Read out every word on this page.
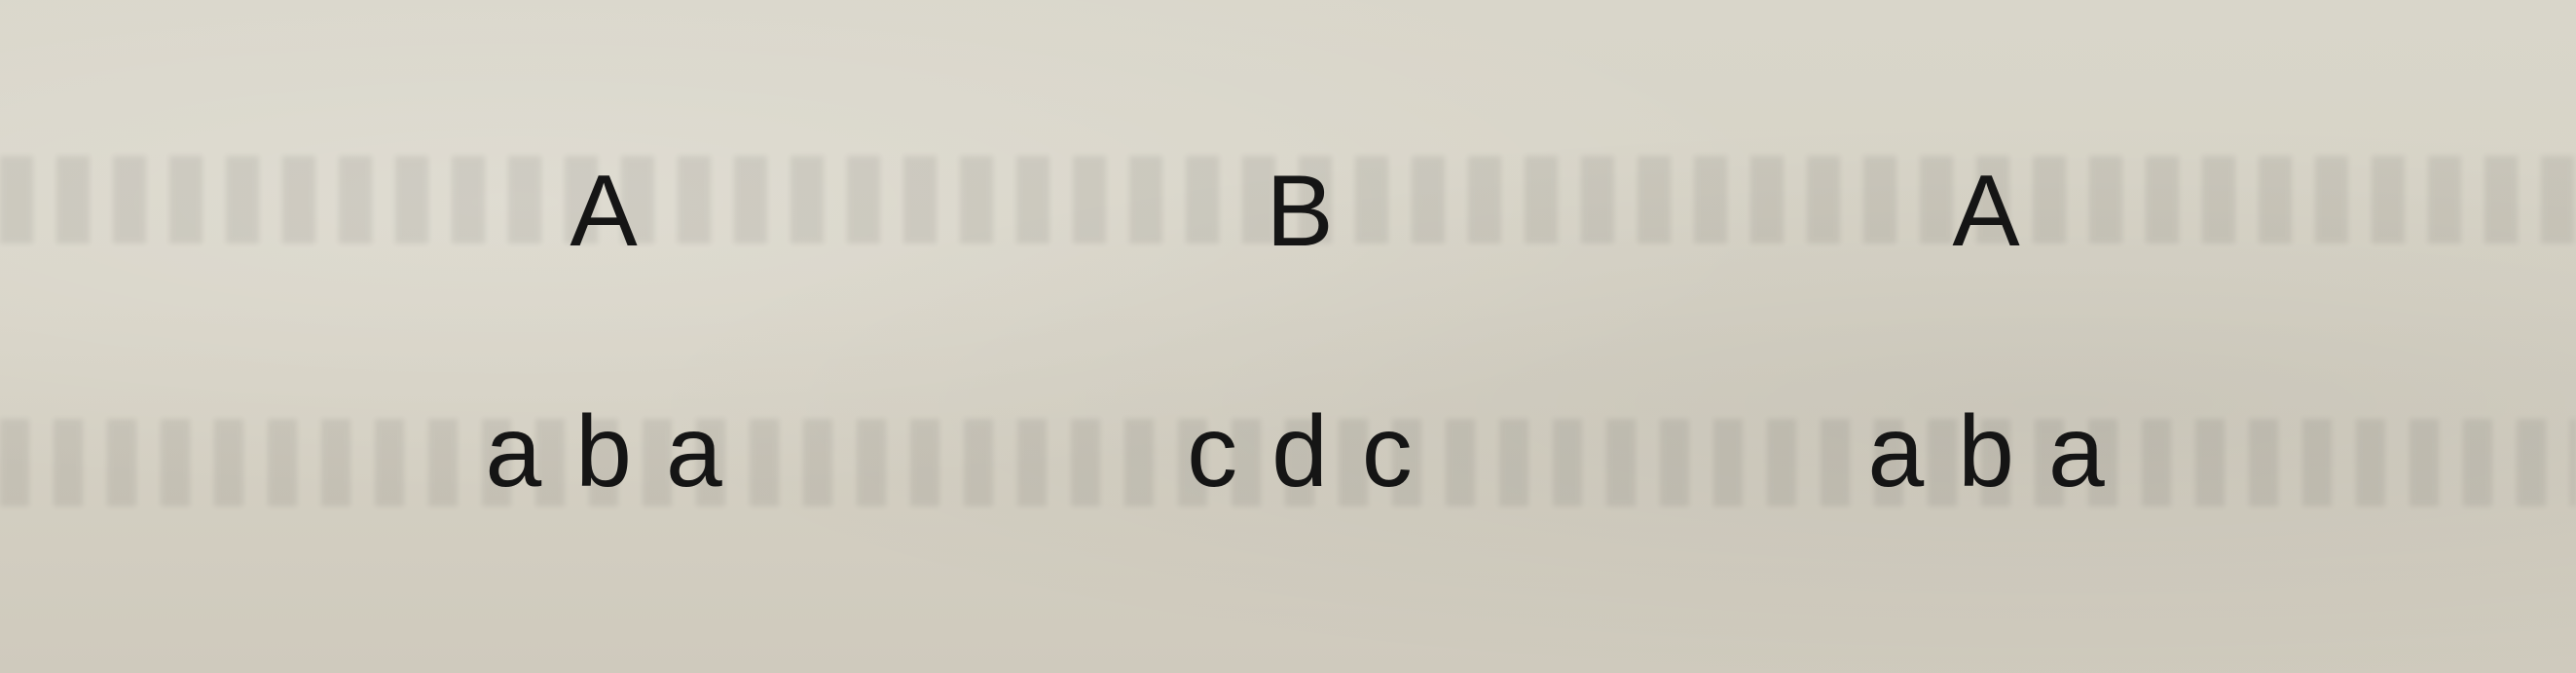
A
a b a
B
c d c
A
a b a
